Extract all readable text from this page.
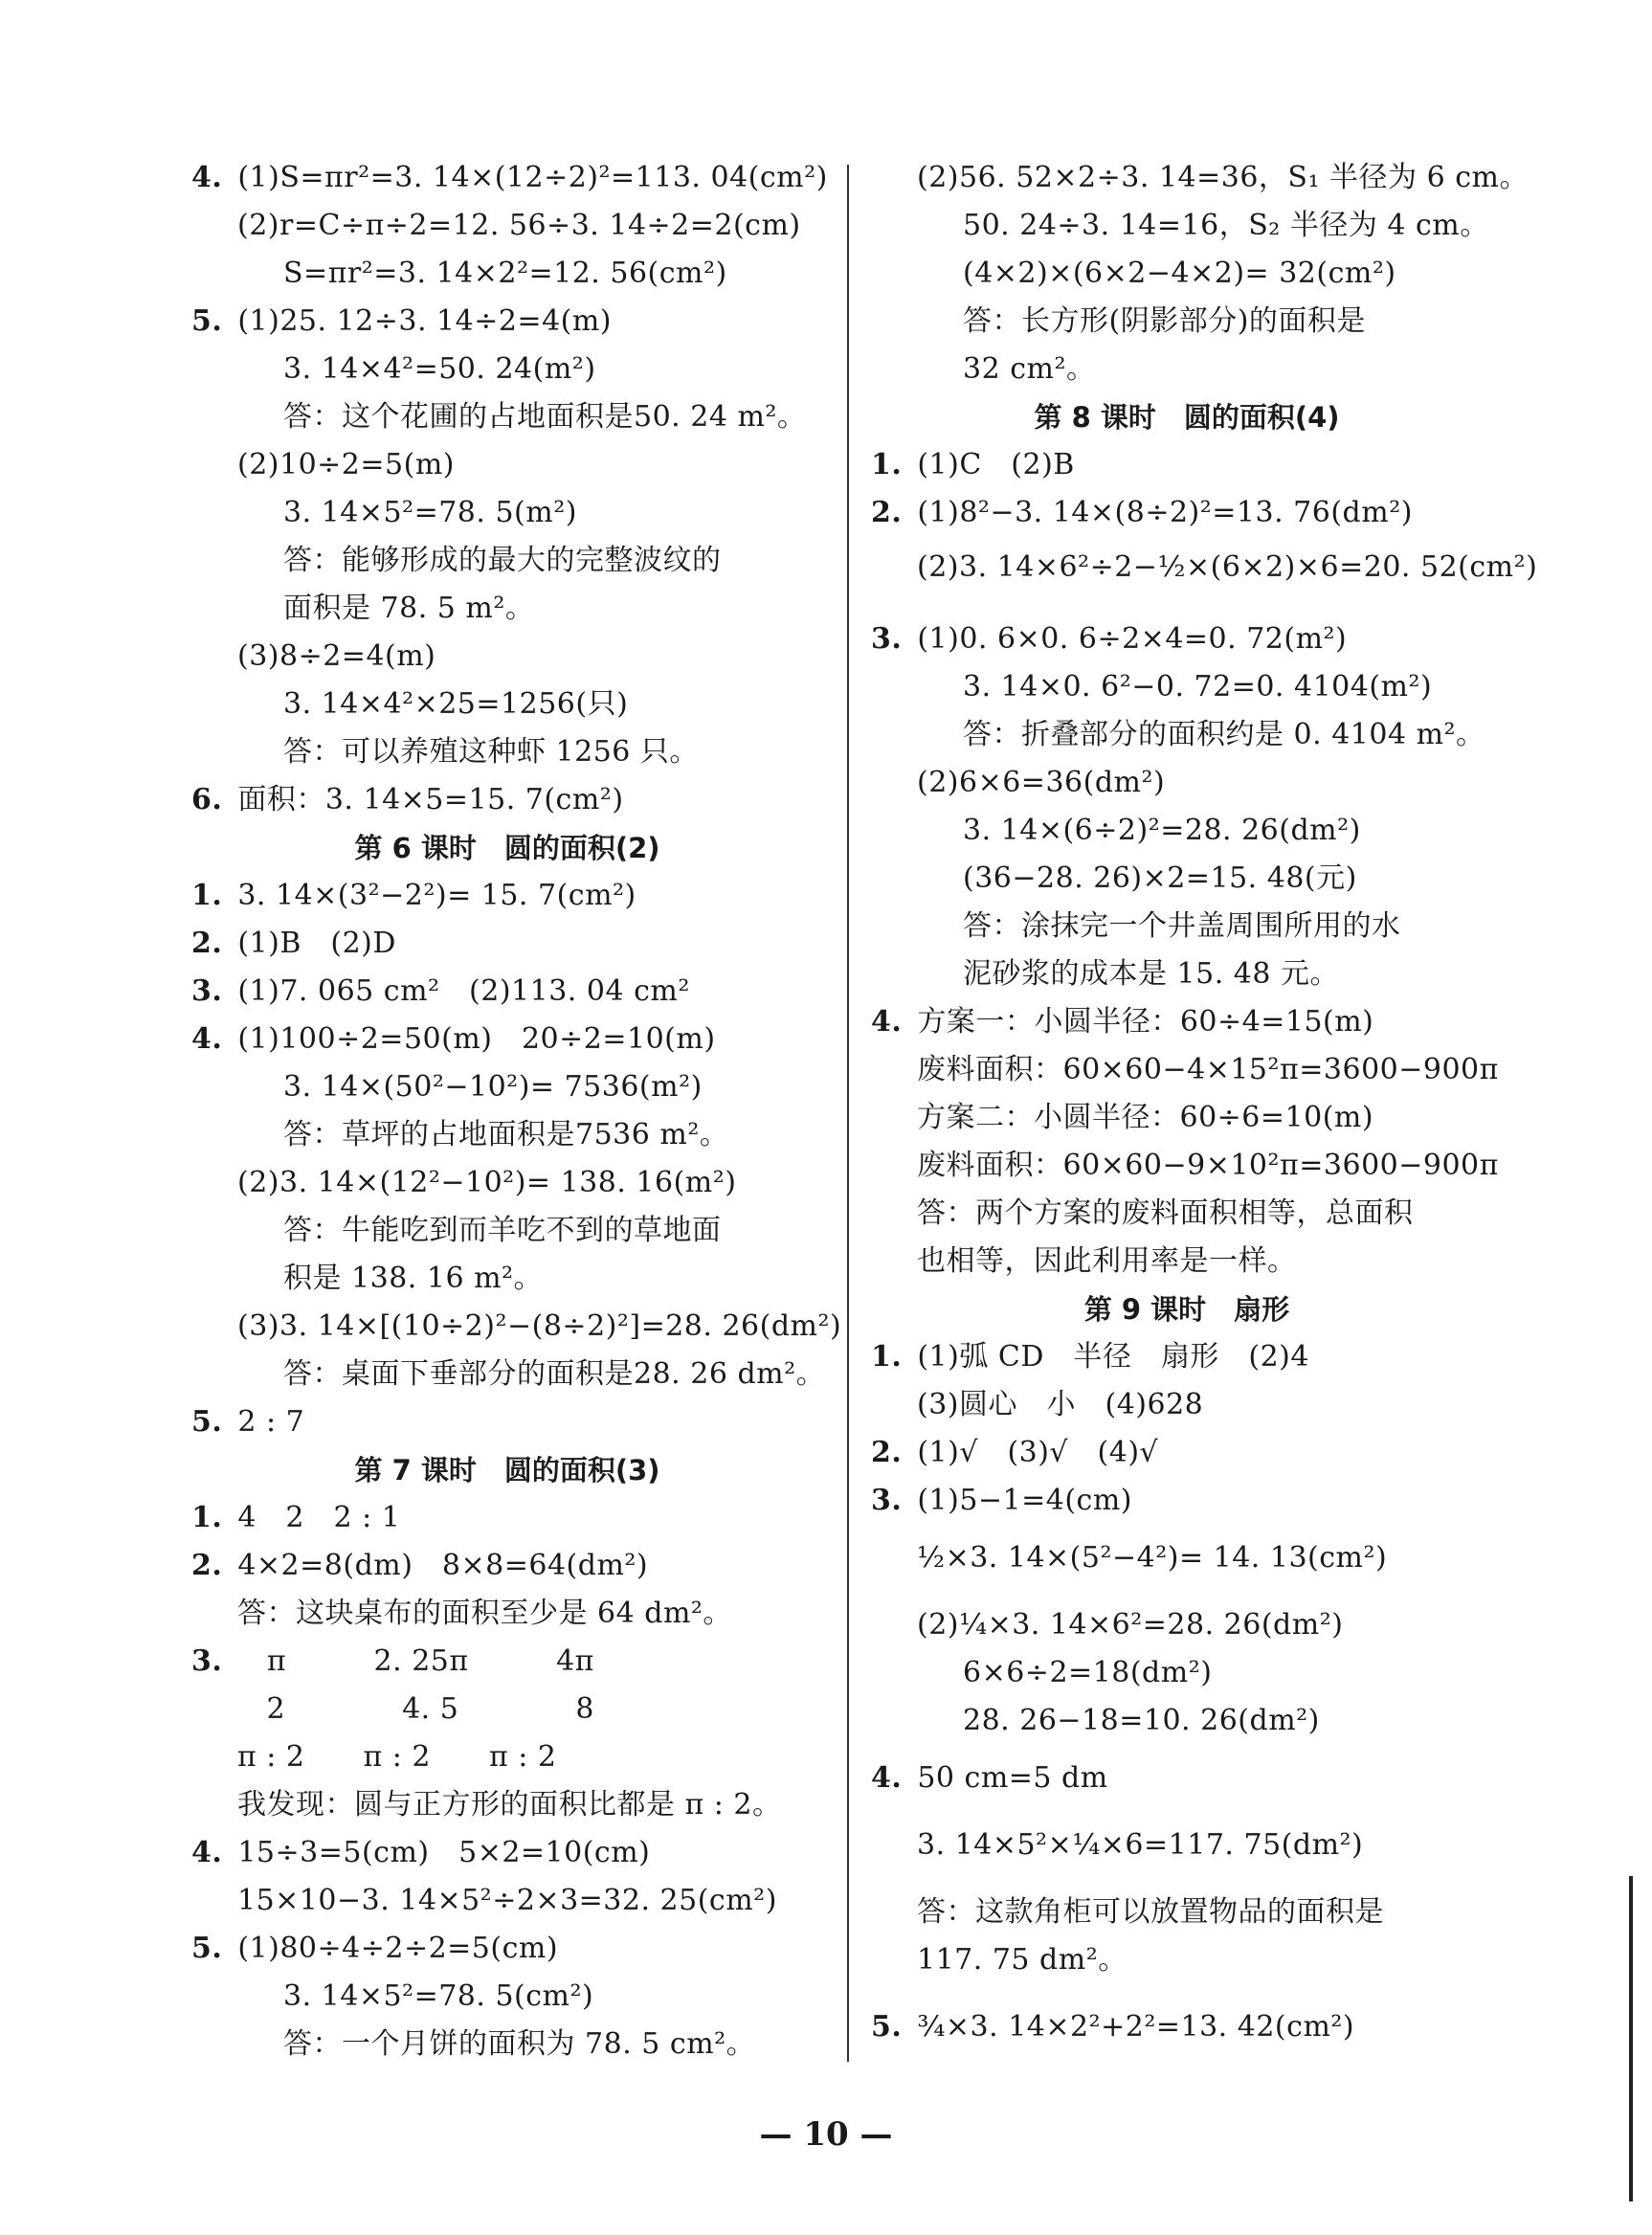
4. (1)S=πr²=3. 14×(12÷2)²=113. 04(cm²)
(2)r=C÷π÷2=12. 56÷3. 14÷2=2(cm)
S=πr²=3. 14×2²=12. 56(cm²)
5. (1)25. 12÷3. 14÷2=4(m)
3. 14×4²=50. 24(m²)
答：这个花圃的占地面积是50. 24 m²。
(2)10÷2=5(m)
3. 14×5²=78. 5(m²)
答：能够形成的最大的完整波纹的
面积是 78. 5 m²。
(3)8÷2=4(m)
3. 14×4²×25=1256(只)
答：可以养殖这种虾 1256 只。
6. 面积：3. 14×5=15. 7(cm²)
第 6 课时　圆的面积(2)
1. 3. 14×(3²−2²)= 15. 7(cm²)
2. (1)B　(2)D
3. (1)7. 065 cm²　(2)113. 04 cm²
4. (1)100÷2=50(m)　20÷2=10(m)
3. 14×(50²−10²)= 7536(m²)
答：草坪的占地面积是7536 m²。
(2)3. 14×(12²−10²)= 138. 16(m²)
答：牛能吃到而羊吃不到的草地面
积是 138. 16 m²。
(3)3. 14×[(10÷2)²−(8÷2)²]=28. 26(dm²)
答：桌面下垂部分的面积是28. 26 dm²。
5. 2 : 7
第 7 课时　圆的面积(3)
1. 4　2　2 : 1
2. 4×2=8(dm)　8×8=64(dm²)
答：这块桌布的面积至少是 64 dm²。
3.　π　　　2. 25π　　　4π
　2　　　　4. 5　　　　8
π : 2　　π : 2　　π : 2
我发现：圆与正方形的面积比都是 π : 2。
4. 15÷3=5(cm)　5×2=10(cm)
15×10−3. 14×5²÷2×3=32. 25(cm²)
5. (1)80÷4÷2÷2=5(cm)
3. 14×5²=78. 5(cm²)
答：一个月饼的面积为 78. 5 cm²。
(2)56. 52×2÷3. 14=36，S₁ 半径为 6 cm。
50. 24÷3. 14=16，S₂ 半径为 4 cm。
(4×2)×(6×2−4×2)= 32(cm²)
答：长方形(阴影部分)的面积是
32 cm²。
第 8 课时　圆的面积(4)
1. (1)C　(2)B
2. (1)8²−3. 14×(8÷2)²=13. 76(dm²)
(2)3. 14×6²÷2−½×(6×2)×6=20. 52(cm²)
3. (1)0. 6×0. 6÷2×4=0. 72(m²)
3. 14×0. 6²−0. 72=0. 4104(m²)
答：折叠部分的面积约是 0. 4104 m²。
(2)6×6=36(dm²)
3. 14×(6÷2)²=28. 26(dm²)
(36−28. 26)×2=15. 48(元)
答：涂抹完一个井盖周围所用的水
泥砂浆的成本是 15. 48 元。
4. 方案一：小圆半径：60÷4=15(m)
废料面积：60×60−4×15²π=3600−900π
方案二：小圆半径：60÷6=10(m)
废料面积：60×60−9×10²π=3600−900π
答：两个方案的废料面积相等，总面积
也相等，因此利用率是一样。
第 9 课时　扇形
1. (1)弧 CD　半径　扇形　(2)4
(3)圆心　小　(4)628
2. (1)√　(3)√　(4)√
3. (1)5−1=4(cm)
½×3. 14×(5²−4²)= 14. 13(cm²)
(2)¼×3. 14×6²=28. 26(dm²)
6×6÷2=18(dm²)
28. 26−18=10. 26(dm²)
4. 50 cm=5 dm
3. 14×5²×¼×6=117. 75(dm²)
答：这款角柜可以放置物品的面积是
117. 75 dm²。
5. ¾×3. 14×2²+2²=13. 42(cm²)
— 10 —
